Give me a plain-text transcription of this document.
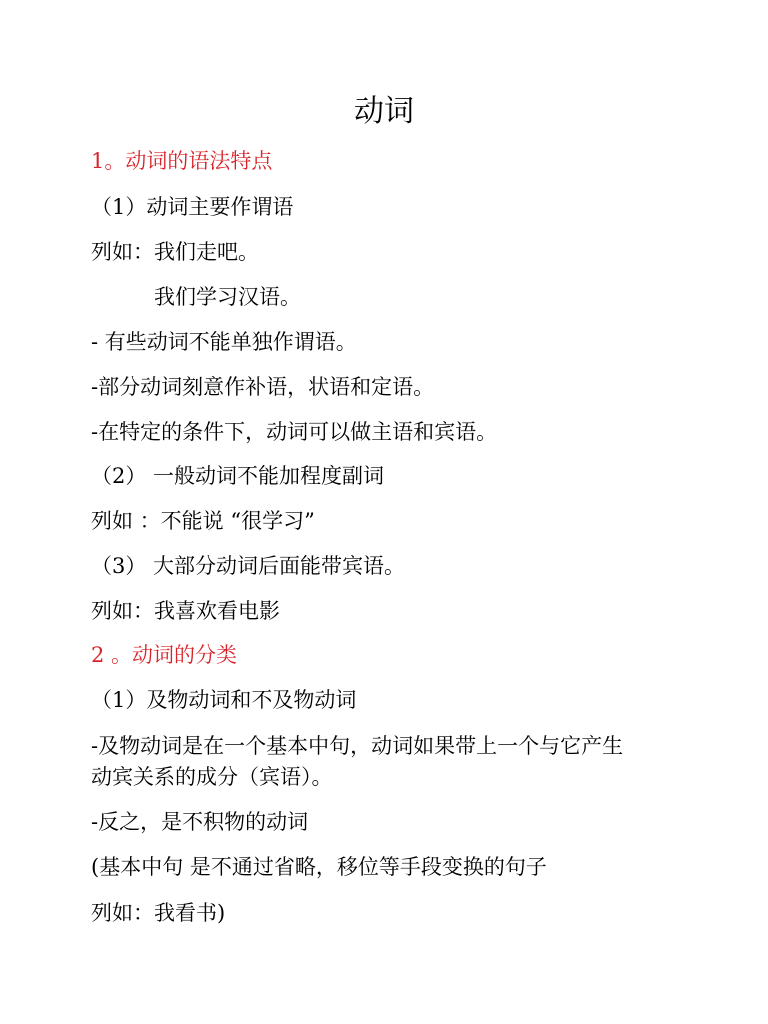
动词
1。动词的语法特点
（1）动词主要作谓语
列如：我们走吧。
我们学习汉语。
- 有些动词不能单独作谓语。
-部分动词刻意作补语，状语和定语。
-在特定的条件下，动词可以做主语和宾语。
（2） 一般动词不能加程度副词
列如 ：不能说 “很学习”
（3） 大部分动词后面能带宾语。
列如：我喜欢看电影
2 。动词的分类
（1）及物动词和不及物动词
-及物动词是在一个基本中句，动词如果带上一个与它产生
动宾关系的成分（宾语）。
-反之，是不积物的动词
(基本中句 是不通过省略，移位等手段变换的句子
列如：我看书)
